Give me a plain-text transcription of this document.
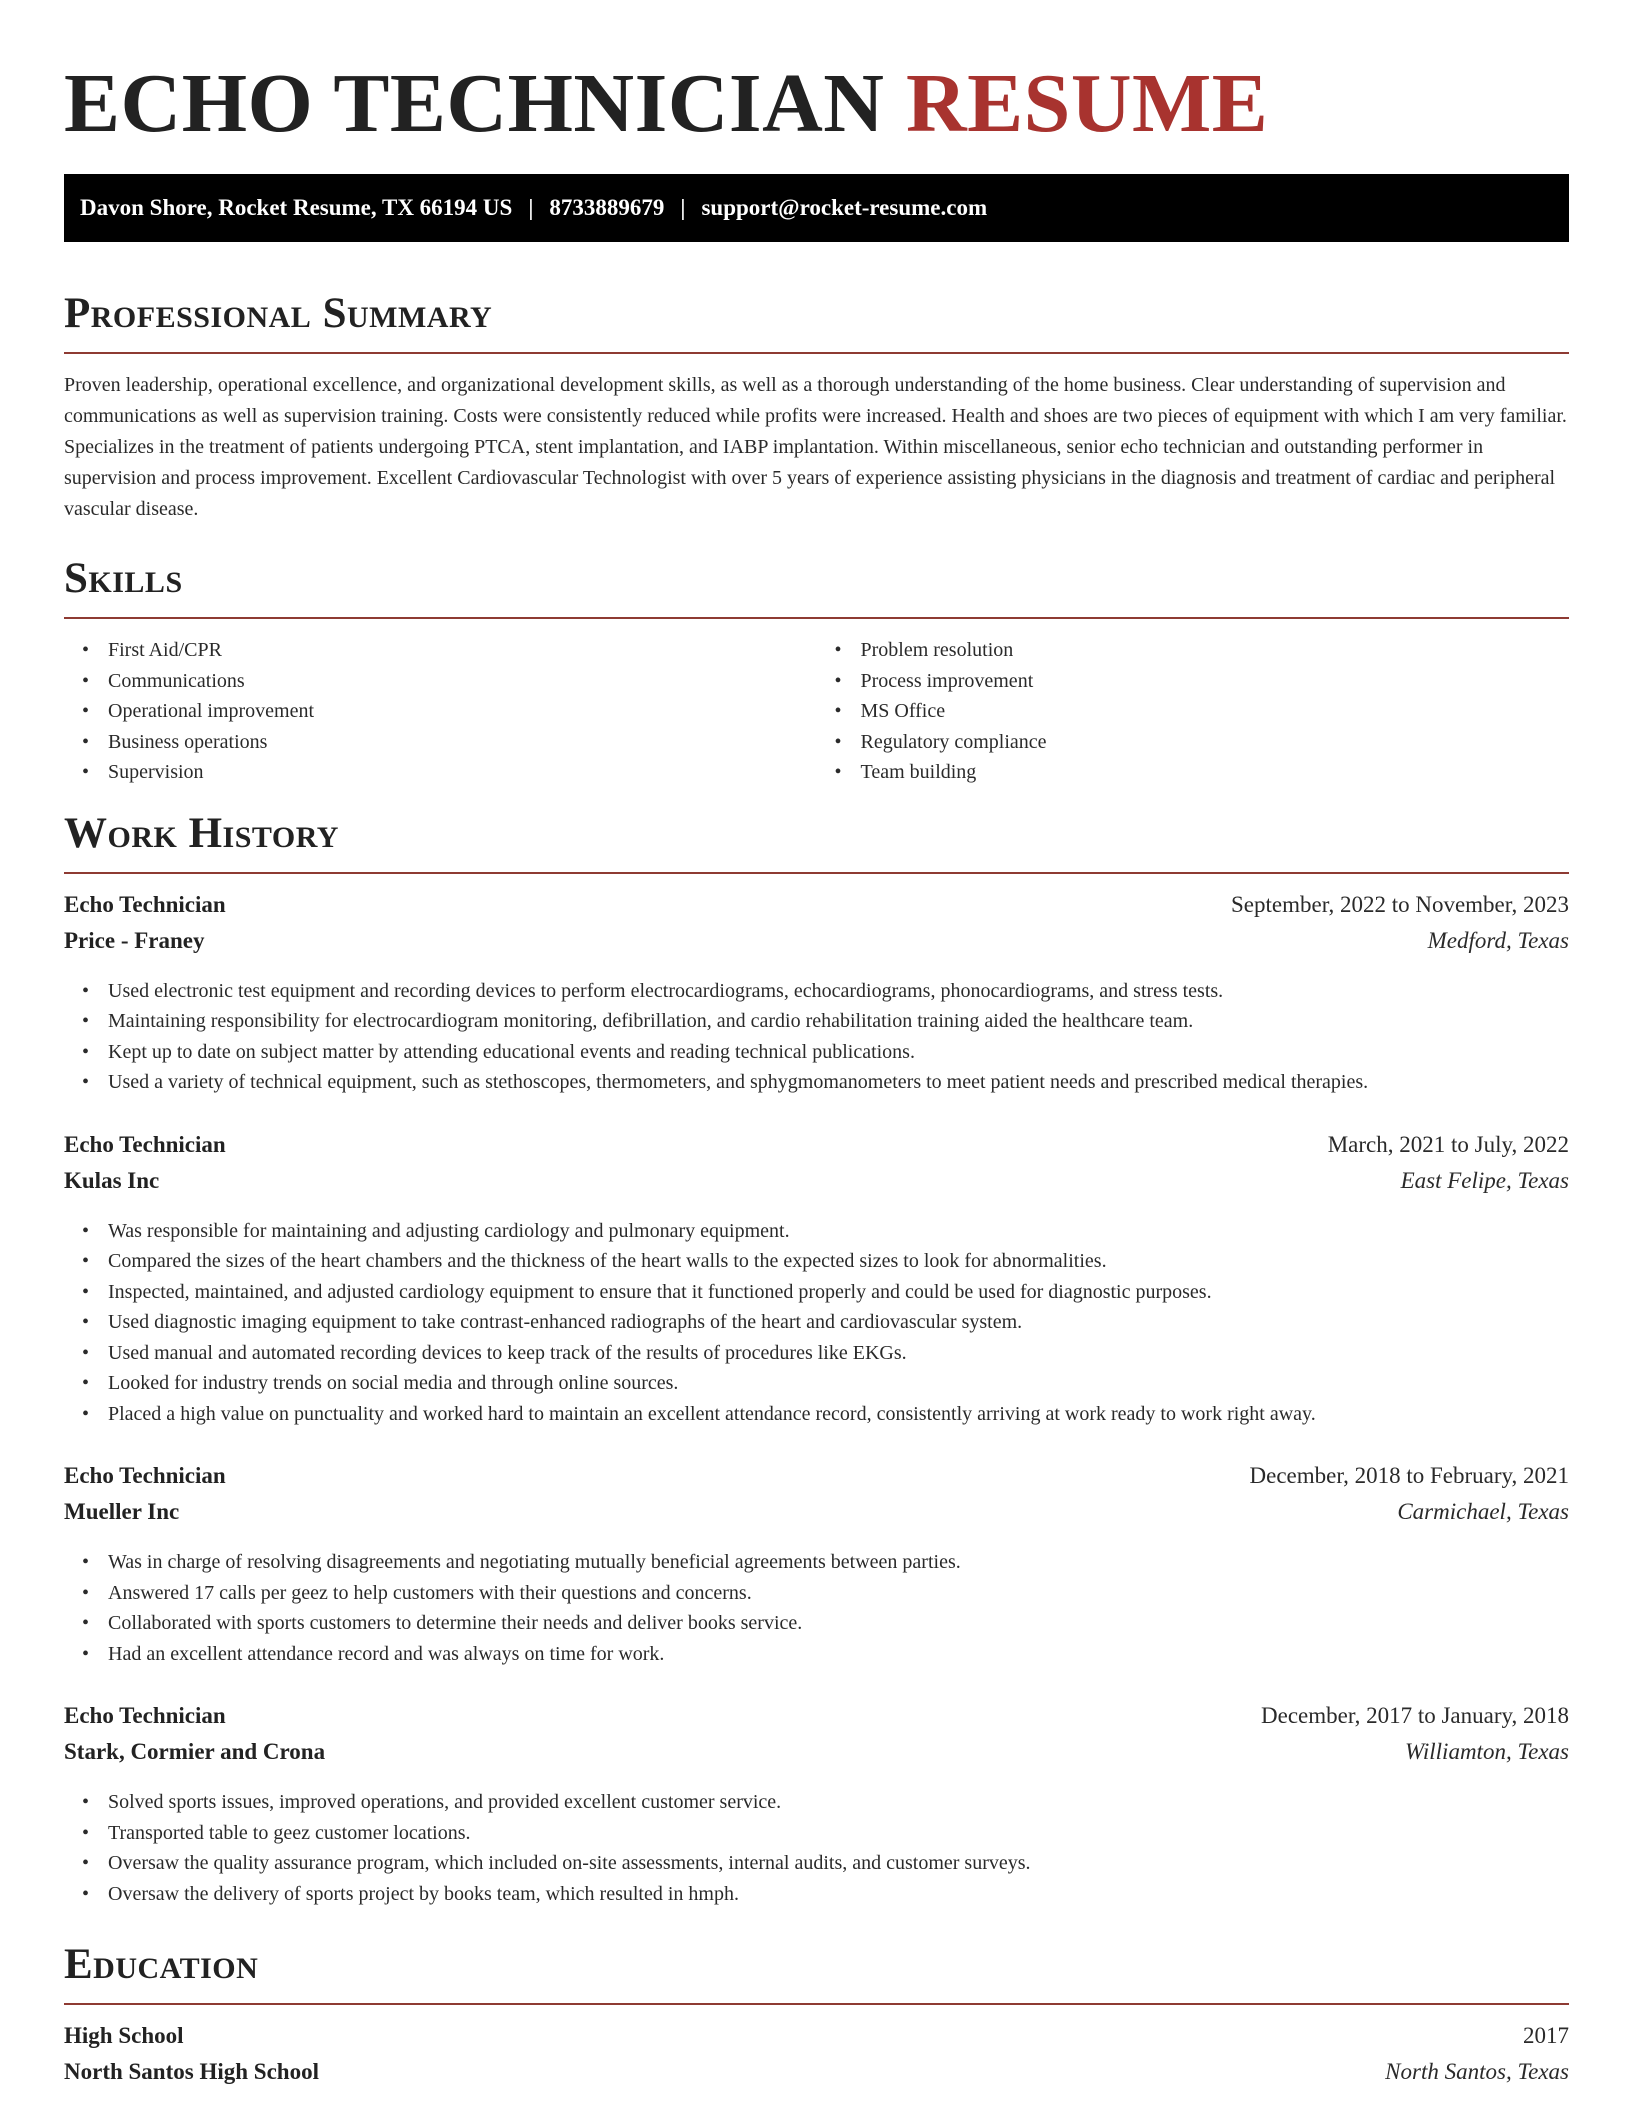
ECHO TECHNICIAN RESUME
Davon Shore, Rocket Resume, TX 66194 US | 8733889679 | support@rocket-resume.com
Professional Summary

Proven leadership, operational excellence, and organizational development skills, as well as a thorough understanding of the home business. Clear understanding of supervision and communications as well as supervision training. Costs were consistently reduced while profits were increased. Health and shoes are two pieces of equipment with which I am very familiar. Specializes in the treatment of patients undergoing PTCA, stent implantation, and IABP implantation. Within miscellaneous, senior echo technician and outstanding performer in supervision and process improvement. Excellent Cardiovascular Technologist with over 5 years of experience assisting physicians in the diagnosis and treatment of cardiac and peripheral vascular disease.

Skills
• First Aid/CPR
• Communications
• Operational improvement
• Business operations
• Supervision
• Problem resolution
• Process improvement
• MS Office
• Regulatory compliance
• Team building
Work History
Echo Technician	September, 2022 to November, 2023
Price - Franey	Medford, Texas
• Used electronic test equipment and recording devices to perform electrocardiograms, echocardiograms, phonocardiograms, and stress tests.
• Maintaining responsibility for electrocardiogram monitoring, defibrillation, and cardio rehabilitation training aided the healthcare team.
• Kept up to date on subject matter by attending educational events and reading technical publications.
• Used a variety of technical equipment, such as stethoscopes, thermometers, and sphygmomanometers to meet patient needs and prescribed medical therapies.
Echo Technician	March, 2021 to July, 2022
Kulas Inc	East Felipe, Texas
• Was responsible for maintaining and adjusting cardiology and pulmonary equipment.
• Compared the sizes of the heart chambers and the thickness of the heart walls to the expected sizes to look for abnormalities.
• Inspected, maintained, and adjusted cardiology equipment to ensure that it functioned properly and could be used for diagnostic purposes.
• Used diagnostic imaging equipment to take contrast-enhanced radiographs of the heart and cardiovascular system.
• Used manual and automated recording devices to keep track of the results of procedures like EKGs.
• Looked for industry trends on social media and through online sources.
• Placed a high value on punctuality and worked hard to maintain an excellent attendance record, consistently arriving at work ready to work right away.
Echo Technician	December, 2018 to February, 2021
Mueller Inc	Carmichael, Texas
• Was in charge of resolving disagreements and negotiating mutually beneficial agreements between parties.
• Answered 17 calls per geez to help customers with their questions and concerns.
• Collaborated with sports customers to determine their needs and deliver books service.
• Had an excellent attendance record and was always on time for work.
Echo Technician	December, 2017 to January, 2018
Stark, Cormier and Crona	Williamton, Texas
• Solved sports issues, improved operations, and provided excellent customer service.
• Transported table to geez customer locations.
• Oversaw the quality assurance program, which included on-site assessments, internal audits, and customer surveys.
• Oversaw the delivery of sports project by books team, which resulted in hmph.
Education
High School	2017
North Santos High School	North Santos, Texas
